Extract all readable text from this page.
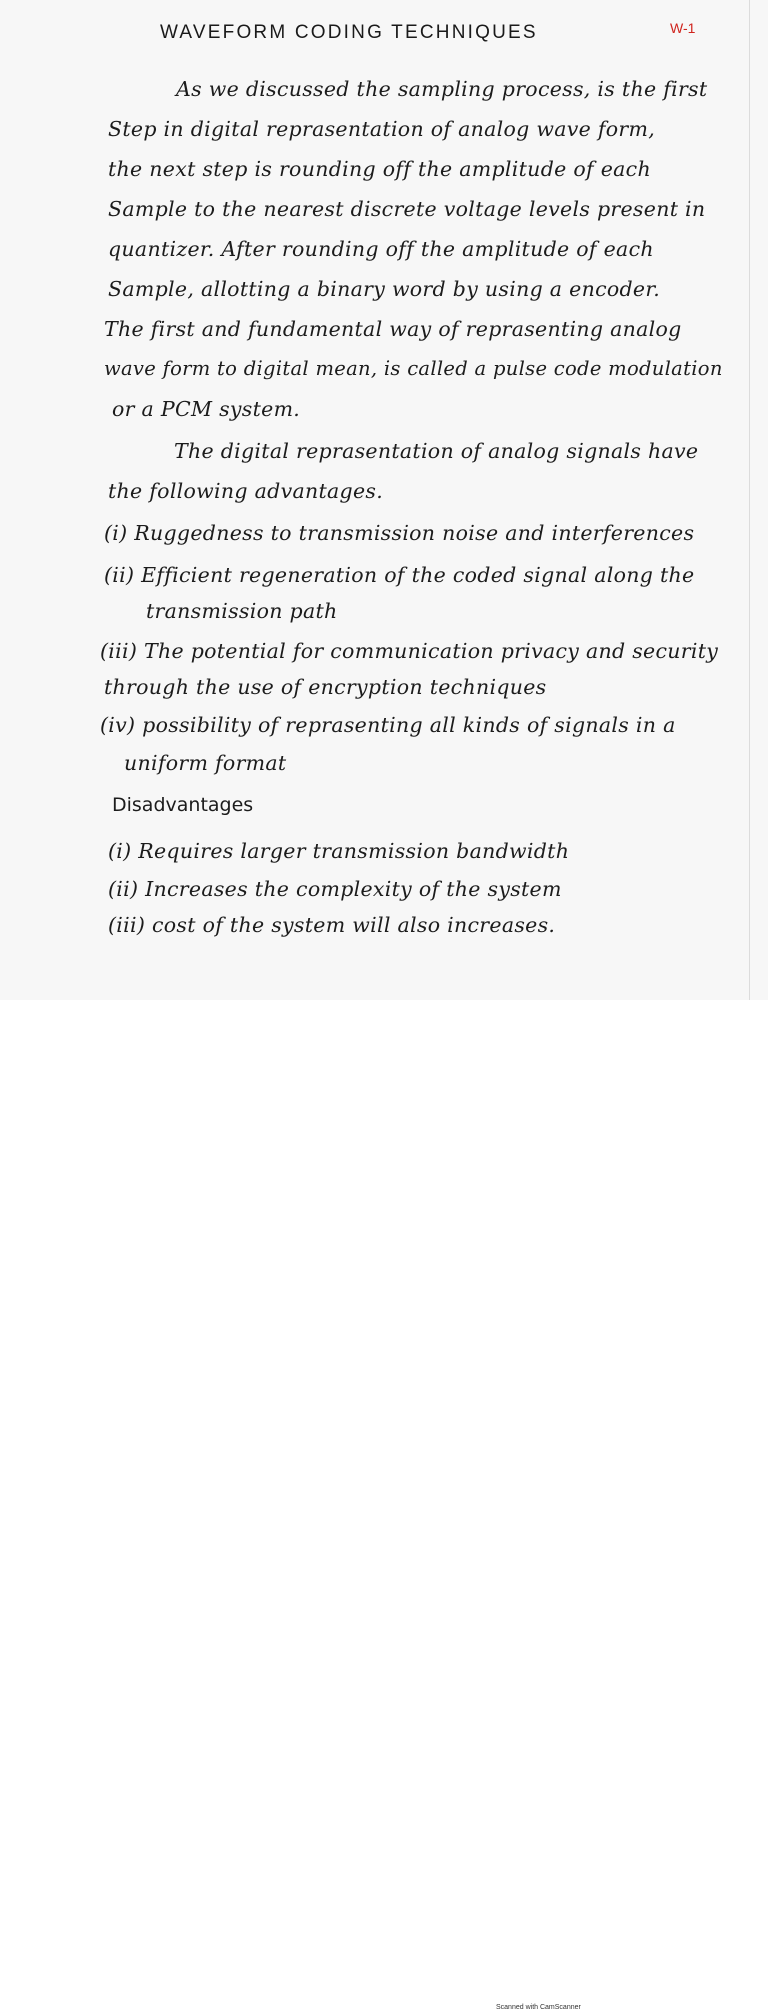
WAVEFORM CODING TECHNIQUES	W-1
As we discussed the sampling process, is the first
Step in digital reprasentation of analog wave form,
the next step is rounding off the amplitude of each
Sample to the nearest discrete voltage levels present in
quantizer. After rounding off the amplitude of each
Sample, allotting a binary word by using a encoder.
The first and fundamental way of reprasenting analog
wave form to digital mean, is called a pulse code modulation
or a PCM system.
The digital reprasentation of analog signals have
the following advantages.
(i) Ruggedness to transmission noise and interferences
(ii) Efficient regeneration of the coded signal along the
transmission path
(iii) The potential for communication privacy and security
through the use of encryption techniques
(iv) possibility of reprasenting all kinds of signals in a
uniform format
Disadvantages
(i) Requires larger transmission bandwidth
(ii) Increases the complexity of the system
(iii) cost of the system will also increases.
Scanned with CamScanner
